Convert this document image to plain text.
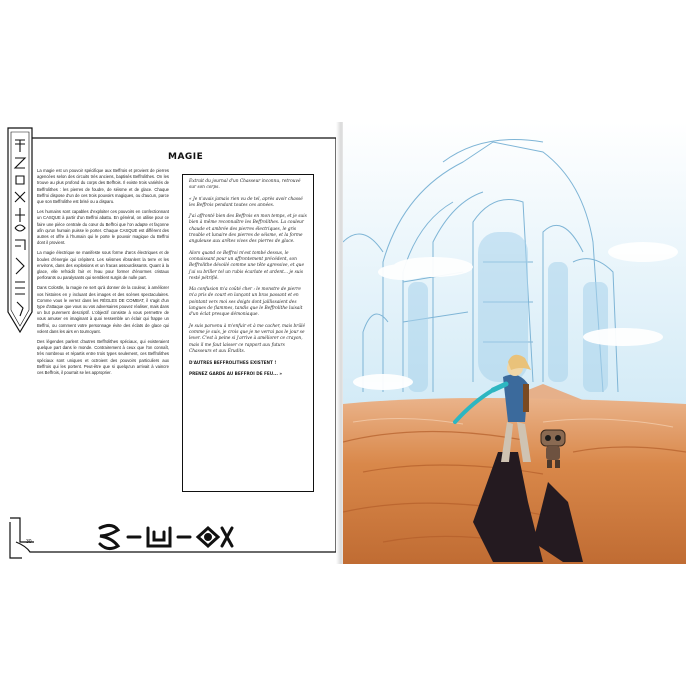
MAGIE

La magie est un pouvoir spécifique aux Beffrois et provient de pierres agencées selon des circuits très anciens, baptisés Beffrolithes. On les trouve au plus profond du corps des Beffrois. Il existe trois variétés de Beffrolithes : les pierres de foudre, de séisme et de glace. Chaque Beffroi dispose d'un de ces trois pouvoirs magiques, ou d'aucun, parce que son Beffrolithe est brisé ou a disparu.

Les humains sont capables d'exploiter ces pouvoirs en confectionnant un CASQUE à partir d'un Beffroi abattu. En général, on utilise pour ce faire une pièce centrale du cœur du Beffroi que l'on adapte et façonne afin qu'un humain puisse le porter. Chaque CASQUE est différent des autres et offre à l'humain qui le porte le pouvoir magique du Beffroi dont il provient.

La magie électrique se manifeste sous forme d'arcs électriques et de boules d'énergie qui crépitent. Les séismes ébranlent la terre et les environs, dans des explosions et un fracas assourdissants. Quant à la glace, elle refroidit l'air et l'eau pour former d'énormes cristaux perforants ou paralysants qui semblent surgis de nulle part.

Dans Colostle, la magie ne sert qu'à donner de la couleur, à améliorer vos histoires en y incluant des images et des scènes spectaculaires. Comme vous le verrez dans les RÈGLES DE COMBAT, il s'agit d'un type d'attaque que vous ou vos adversaires pouvez réaliser, mais dans un but purement descriptif. L'objectif consiste à vous permettre de vous amuser en imaginant à quoi ressemble un éclair qui frappe un Beffroi, ou comment votre personnage évite des éclats de glace qui volent dans les airs en tournoyant.

Des légendes parlent d'autres Beffrolithes spéciaux, qui existeraient quelque part dans le monde. Contrairement à ceux que l'on connaît, très nombreux et répartis entre trois types seulement, ces Beffrolithes spéciaux sont uniques et octroient des pouvoirs particuliers aux Beffrois qui les portent. Peut-être que si quelqu'un arrivait à vaincre ces Beffrois, il pourrait se les approprier.

Extrait du journal d'un Chasseur inconnu, retrouvé sur son corps.

« Je n'avais jamais rien vu de tel, après avoir chassé les Beffrois pendant toutes ces années.

J'ai affronté bien des Beffrois en mon temps, et je suis bien à même reconnaître les Beffrolithes. La couleur chaude et ambrée des pierres électriques, le gris trouble et lunaire des pierres de séisme, et la forme anguleuse aux arêtes vives des pierres de glace.

Alors quand ce Beffroi m'est tombé dessus, le connaissant pour un affrontement précédent, son Beffrolithe dévoilé comme une tête agressive, et que j'ai vu briller tel un rubis écarlate et ardent... je suis resté pétrifié.

Ma confusion m'a coûté cher : le monstre de pierre m'a pris de court en lançant un bras passant et en pointant vers moi ses doigts dont jaillissaient des langues de flammes, tandis que le Beffrolithe luisait d'un éclat presque démoniaque.

Je suis parvenu à m'enfuir et à me cacher, mais brûlé comme je suis, je crois que je ne verrai pas le jour se lever. C'est à peine si j'arrive à améliorer ce crayon, mais il me faut laisser ce rapport aux futurs Chasseurs et aux Érudits.

D'AUTRES BEFFROLITHES EXISTENT !

PRENEZ GARDE AU BEFFROI DE FEU... »

30
